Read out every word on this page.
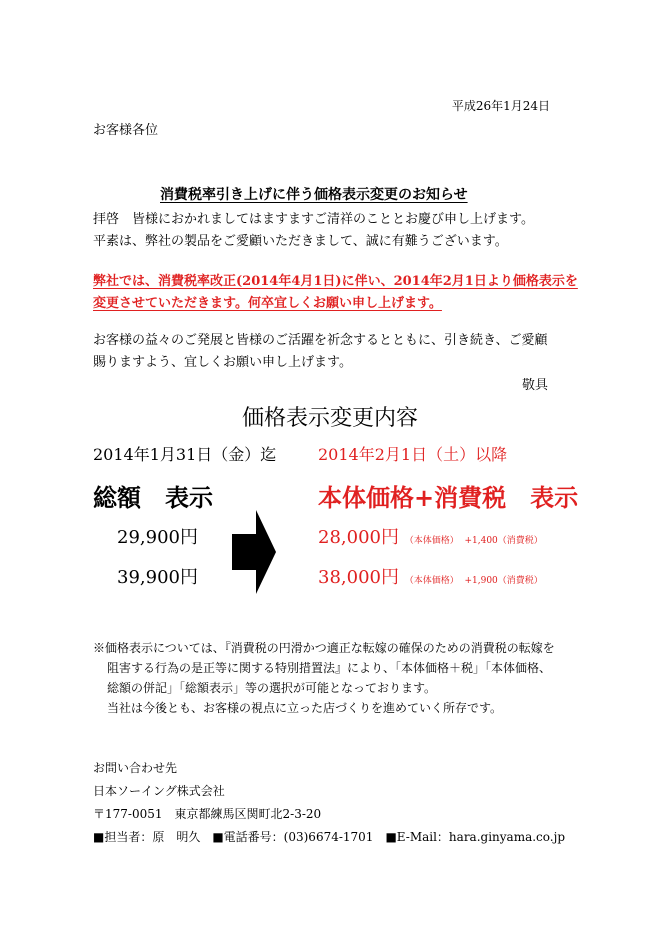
平成26年1月24日
お客様各位
消費税率引き上げに伴う価格表示変更のお知らせ
拝啓　皆様におかれましてはますますご清祥のこととお慶び申し上げます。
平素は、弊社の製品をご愛顧いただきまして、誠に有難うございます。
弊社では、消費税率改正(2014年4月1日)に伴い、2014年2月1日より価格表示を
変更させていただきます。何卒宜しくお願い申し上げます。
お客様の益々のご発展と皆様のご活躍を祈念するとともに、引き続き、ご愛顧
賜りますよう、宜しくお願い申し上げます。
敬具
価格表示変更内容
2014年1月31日（金）迄	2014年2月1日（土）以降
総額　表示	本体価格+消費税　表示
29,900円
39,900円
28,000円 （本体価格） +1,400（消費税）
38,000円 （本体価格） +1,900（消費税）
※価格表示については、『消費税の円滑かつ適正な転嫁の確保のための消費税の転嫁を
阻害する行為の是正等に関する特別措置法』により、「本体価格＋税」「本体価格、
総額の併記」「総額表示」等の選択が可能となっております。
当社は今後とも、お客様の視点に立った店づくりを進めていく所存です。
お問い合わせ先
日本ソーイング株式会社
〒177-0051　東京都練馬区関町北2-3-20
■担当者：原　明久　■電話番号：(03)6674-1701　■E-Mail：hara.ginyama.co.jp
